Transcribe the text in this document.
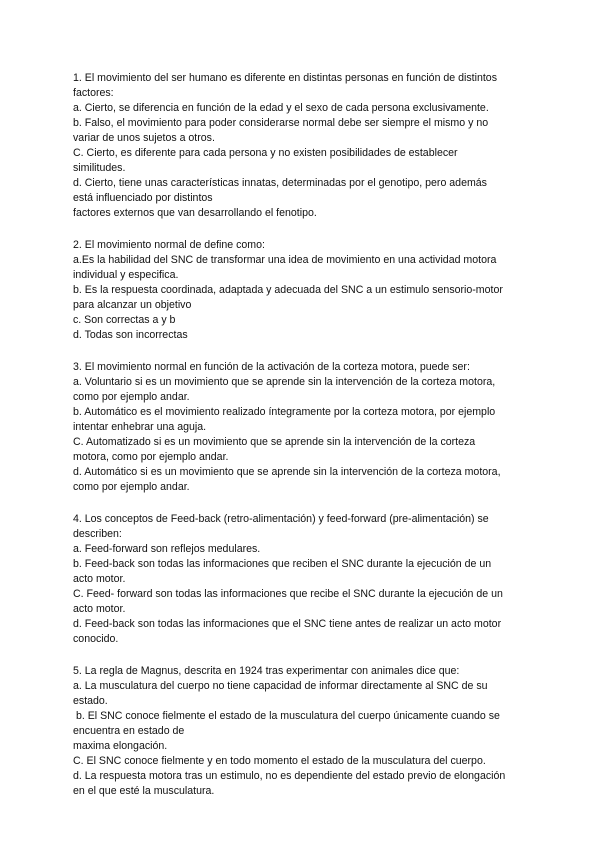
1. El movimiento del ser humano es diferente en distintas personas en función de distintos
factores:
a. Cierto, se diferencia en función de la edad y el sexo de cada persona exclusivamente.
b. Falso, el movimiento para poder considerarse normal debe ser siempre el mismo y no
variar de unos sujetos a otros.
C. Cierto, es diferente para cada persona y no existen posibilidades de establecer
similitudes.
d. Cierto, tiene unas características innatas, determinadas por el genotipo, pero además
está influenciado por distintos
factores externos que van desarrollando el fenotipo.
2. El movimiento normal de define como:
a.Es la habilidad del SNC de transformar una idea de movimiento en una actividad motora
individual y especifica.
b. Es la respuesta coordinada, adaptada y adecuada del SNC a un estimulo sensorio-motor
para alcanzar un objetivo
c. Son correctas a y b
d. Todas son incorrectas
3. El movimiento normal en función de la activación de la corteza motora, puede ser:
a. Voluntario si es un movimiento que se aprende sin la intervención de la corteza motora,
como por ejemplo andar.
b. Automático es el movimiento realizado íntegramente por la corteza motora, por ejemplo
intentar enhebrar una aguja.
C. Automatizado si es un movimiento que se aprende sin la intervención de la corteza
motora, como por ejemplo andar.
d. Automático si es un movimiento que se aprende sin la intervención de la corteza motora,
como por ejemplo andar.
4. Los conceptos de Feed-back (retro-alimentación) y feed-forward (pre-alimentación) se
describen:
a. Feed-forward son reflejos medulares.
b. Feed-back son todas las informaciones que reciben el SNC durante la ejecución de un
acto motor.
C. Feed- forward son todas las informaciones que recibe el SNC durante la ejecución de un
acto motor.
d. Feed-back son todas las informaciones que el SNC tiene antes de realizar un acto motor
conocido.
5. La regla de Magnus, descrita en 1924 tras experimentar con animales dice que:
a. La musculatura del cuerpo no tiene capacidad de informar directamente al SNC de su
estado.
b. El SNC conoce fielmente el estado de la musculatura del cuerpo únicamente cuando se
encuentra en estado de
maxima elongación.
C. El SNC conoce fielmente y en todo momento el estado de la musculatura del cuerpo.
d. La respuesta motora tras un estimulo, no es dependiente del estado previo de elongación
en el que esté la musculatura.
